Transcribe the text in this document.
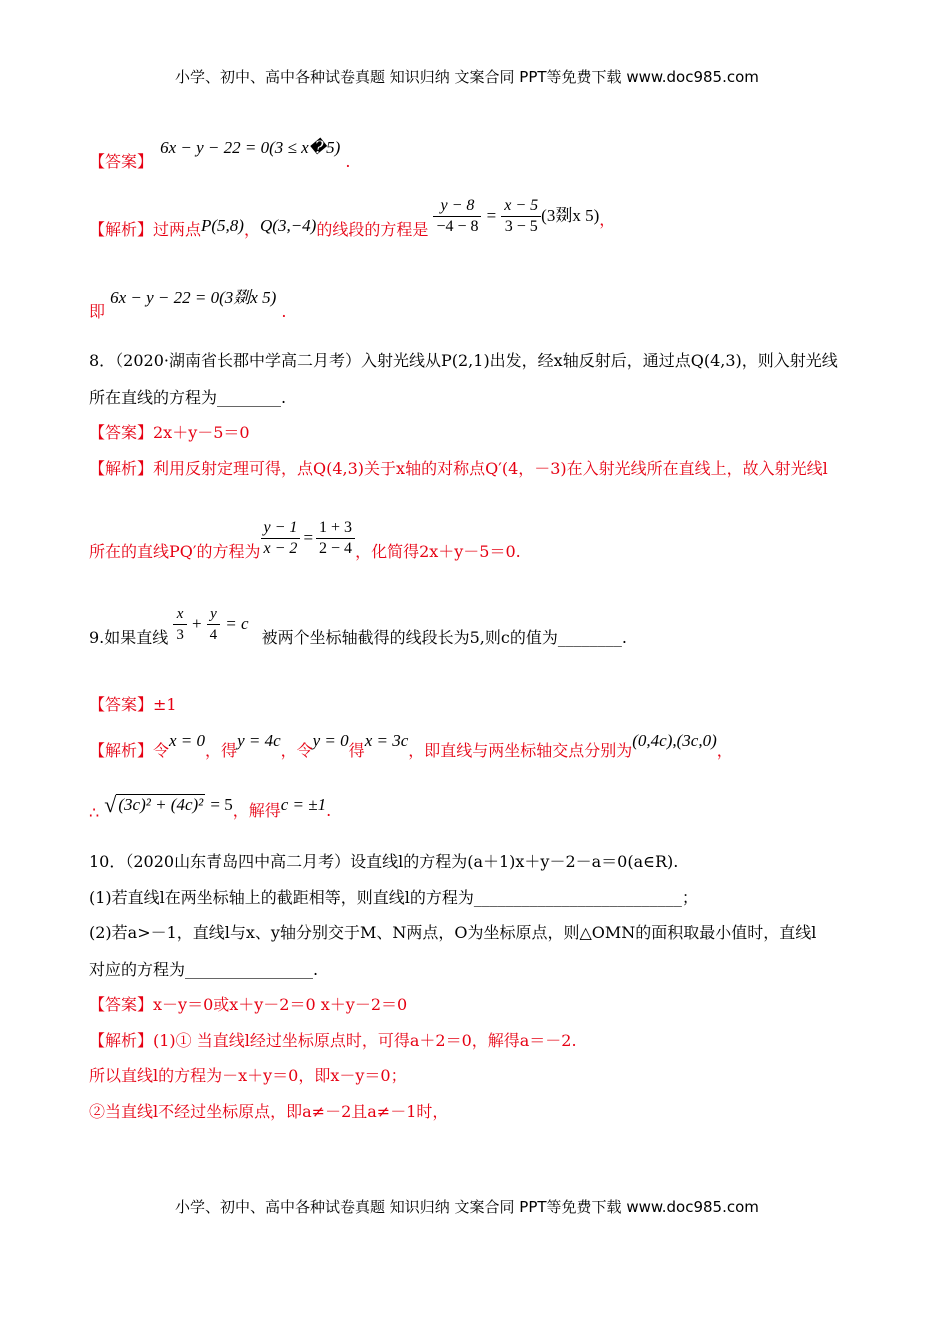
小学、初中、高中各种试卷真题 知识归纳 文案合同 PPT等免费下载 www.doc985.com
【答案】 6x − y − 22 = 0(3 ≤ x�5) .
【解析】过两点P(5,8)，Q(3,−4)的线段的方程是 $\frac{y - 8}{-4 - 8} = \frac{x - 5}{3 - 5} (3$剟x 5)，
即 6x − y − 22 = 0(3剟x 5) .
8．（2020·湖南省长郡中学高二月考）入射光线从P(2,1)出发，经x轴反射后，通过点Q(4,3)，则入射光线
所在直线的方程为________.
【答案】2x＋y－5＝0
【解析】利用反射定理可得，点Q(4,3)关于x轴的对称点Q′(4，－3)在入射光线所在直线上，故入射光线l
所在的直线PQ′的方程为 $\frac{y - 1}{x - 2} = \frac{1 + 3}{2 - 4}$ ，化简得2x＋y－5＝0.
9.如果直线 $\frac{x}{3} + \frac{y}{4} = c$ 被两个坐标轴截得的线段长为5,则c的值为________.
【答案】±1
【解析】令x = 0，得y = 4c，令y = 0得x = 3c，即直线与两坐标轴交点分别为(0,4c),(3c,0)，
∴ √ (3c)² + (4c)² = 5，解得c = ±1.
10．（2020山东青岛四中高二月考）设直线l的方程为(a＋1)x＋y－2－a＝0(a∈R).
(1)若直线l在两坐标轴上的截距相等，则直线l的方程为__________________________；
(2)若a>－1，直线l与x、y轴分别交于M、N两点，O为坐标原点，则△OMN的面积取最小值时，直线l
对应的方程为________________.
【答案】x－y＝0或x＋y－2＝0 x＋y－2＝0
【解析】(1)① 当直线l经过坐标原点时，可得a＋2＝0，解得a＝－2.
所以直线l的方程为－x＋y＝0，即x－y＝0；
②当直线l不经过坐标原点，即a≠－2且a≠－1时，
小学、初中、高中各种试卷真题 知识归纳 文案合同 PPT等免费下载 www.doc985.com
